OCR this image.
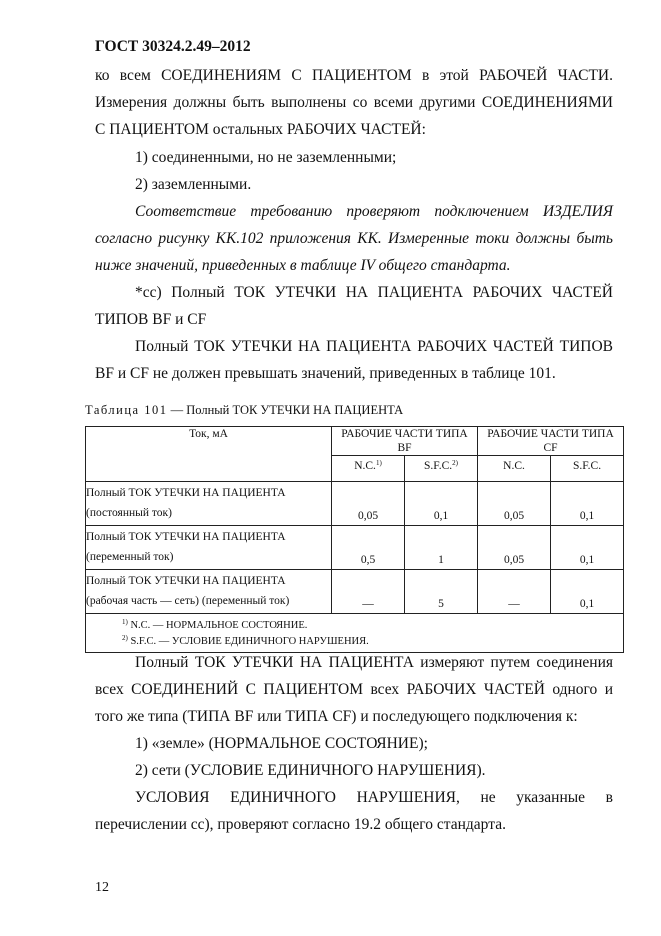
ГОСТ 30324.2.49–2012
ко всем СОЕДИНЕНИЯМ С ПАЦИЕНТОМ в этой РАБОЧЕЙ ЧАСТИ.
Измерения должны быть выполнены со всеми другими СОЕДИНЕНИЯМИ
С ПАЦИЕНТОМ остальных РАБОЧИХ ЧАСТЕЙ:
1) соединенными, но не заземленными;
2) заземленными.
Соответствие требованию проверяют подключением ИЗДЕЛИЯ
согласно рисунку КК.102 приложения КК. Измеренные токи должны быть
ниже значений, приведенных в таблице IV общего стандарта.
*cc) Полный ТОК УТЕЧКИ НА ПАЦИЕНТА РАБОЧИХ ЧАСТЕЙ
ТИПОВ BF и CF
Полный ТОК УТЕЧКИ НА ПАЦИЕНТА РАБОЧИХ ЧАСТЕЙ ТИПОВ
BF и CF не должен превышать значений, приведенных в таблице 101.
Таблица 101 — Полный ТОК УТЕЧКИ НА ПАЦИЕНТА
Ток, мА	РАБОЧИЕ ЧАСТИ ТИПА BF		РАБОЧИЕ ЧАСТИ ТИПА CF	
	N.C.$^{1)}$	S.F.C.$^{2)}$	N.C.	S.F.C.

Полный ТОК УТЕЧКИ НА ПАЦИЕНТА
(постоянный ток)	0,05	0,1	0,05	0,1

Полный ТОК УТЕЧКИ НА ПАЦИЕНТА
(переменный ток)	0,5	1	0,05	0,1

Полный ТОК УТЕЧКИ НА ПАЦИЕНТА
(рабочая часть — сеть) (переменный ток)	—	5	—	0,1

$^{1)}$ N.C. — НОРМАЛЬНОЕ СОСТОЯНИЕ.
$^{2)}$ S.F.C. — УСЛОВИЕ ЕДИНИЧНОГО НАРУШЕНИЯ.				
Полный ТОК УТЕЧКИ НА ПАЦИЕНТА измеряют путем соединения
всех СОЕДИНЕНИЙ С ПАЦИЕНТОМ всех РАБОЧИХ ЧАСТЕЙ одного и
того же типа (ТИПА BF или ТИПА CF) и последующего подключения к:
1) «земле» (НОРМАЛЬНОЕ СОСТОЯНИЕ);
2) сети (УСЛОВИЕ ЕДИНИЧНОГО НАРУШЕНИЯ).
УСЛОВИЯ ЕДИНИЧНОГО НАРУШЕНИЯ, не указанные в
перечислении cc), проверяют согласно 19.2 общего стандарта.
12
